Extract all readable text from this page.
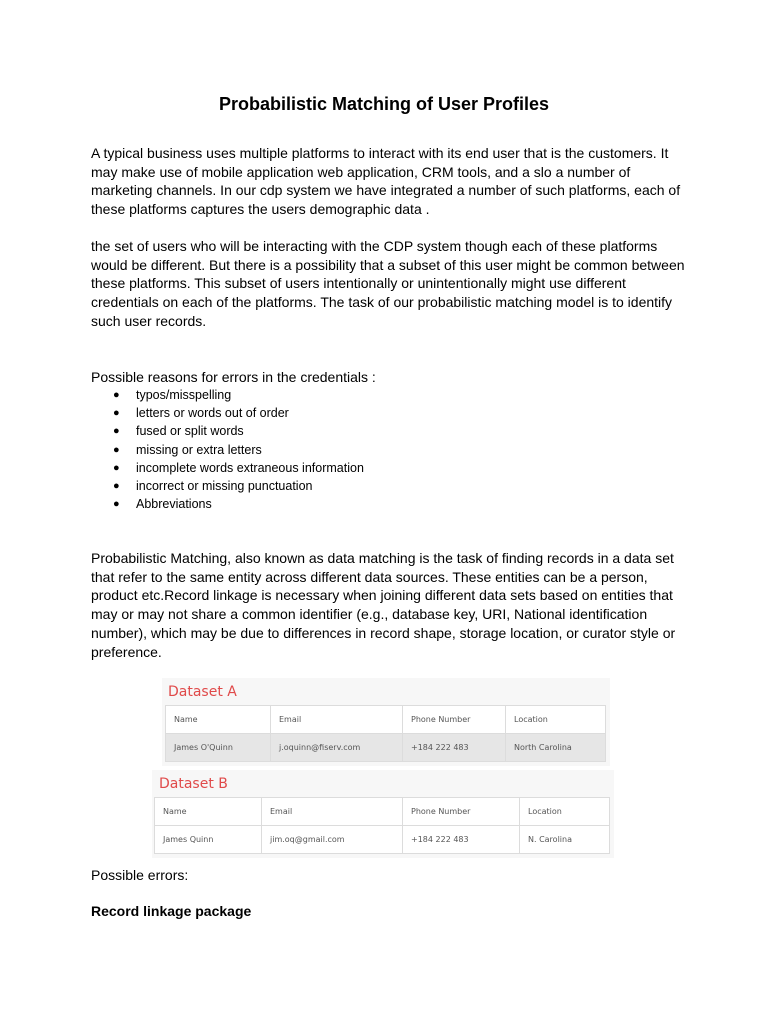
Probabilistic Matching of User Profiles

A typical business uses multiple platforms to interact with its end user that is the customers. It may make use of mobile application web application, CRM tools, and a slo a number of marketing channels. In our cdp system we have integrated a number of such platforms, each of these platforms captures the users demographic data .

the set of users who will be interacting with the CDP system though each of these platforms would be different. But there is a possibility that a subset of this user might be common between these platforms. This subset of users intentionally or unintentionally might use different credentials on each of the platforms. The task of our probabilistic matching model is to identify such user records.

Possible reasons for errors in the credentials :

● typos/misspelling
● letters or words out of order
● fused or split words
● missing or extra letters
● incomplete words extraneous information
● incorrect or missing punctuation
● Abbreviations

Probabilistic Matching, also known as data matching is the task of finding records in a data set that refer to the same entity across different data sources. These entities can be a person, product etc.Record linkage is necessary when joining different data sets based on entities that may or may not share a common identifier (e.g., database key, URI, National identification number), which may be due to differences in record shape, storage location, or curator style or preference.

Dataset A
Name	Email	Phone Number	Location
James O'Quinn	j.oquinn@fiserv.com	+184 222 483	North Carolina
Dataset B
Name	Email	Phone Number	Location
James Quinn	jim.oq@gmail.com	+184 222 483	N. Carolina
Possible errors:
Record linkage package
